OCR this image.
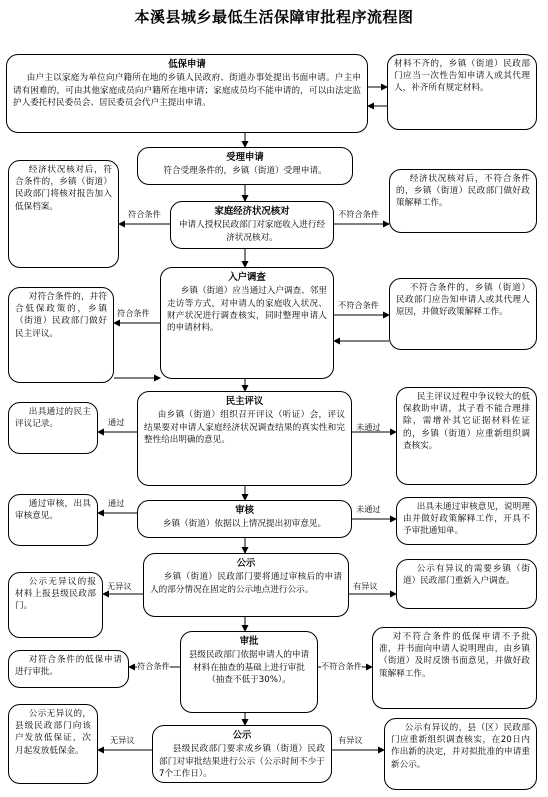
本溪县城乡最低生活保障审批程序流程图
低保申请
由户主以家庭为单位向户籍所在地的乡镇人民政府、街道办事处提出书面申请。户主申请有困难的，可由其他家庭成员向户籍所在地申请；家庭成员均不能申请的，可以由法定监护人委托村民委员会、居民委员会代户主提出申请。
受理申请
符合受理条件的，乡镇（街道）受理申请。
家庭经济状况核对
申请人授权民政部门对家庭收入进行经济状况核对。
入户调查
乡镇（街道）应当通过入户调查、邻里走访等方式，对申请人的家庭收入状况、财产状况进行调查核实，同时整理申请人的申请材料。
民主评议
由乡镇（街道）组织召开评议（听证）会，评议结果要对申请人家庭经济状况调查结果的真实性和完整性给出明确的意见。
审核
乡镇（街道）依据以上情况提出初审意见。
公示
乡镇（街道）民政部门要将通过审核后的申请人的部分情况在固定的公示地点进行公示。
审批
县级民政部门依据申请人的申请材料在抽查的基础上进行审批（抽查不低于30%）。
公示
县级民政部门要求成乡镇（街道）民政部门对审批结果进行公示（公示时间不少于7个工作日）。
材料不齐的，乡镇（街道）民政部门应当一次性告知申请人或其代理人，补齐所有规定材料。
经济状况核对后，不符合条件的，乡镇（街道）民政部门做好政策解释工作。
不符合条件的，乡镇（街道）民政部门应告知申请人或其代理人原因，并做好政策解释工作。
民主评议过程中争议较大的低保救助申请，其子看不能合理排除，需增补其它证据材料佐证的，乡镇（街道）应重新组织调查核实。
出具未通过审核意见，说明理由并做好政策解释工作，开具不予审批通知单。
公示有异议的需要乡镇（街道）民政部门重新入户调查。
对不符合条件的低保申请不予批准，并书面向申请人说明理由，由乡镇（街道）及时反馈书面意见，并做好政策解释工作。
公示有异议的，县（区）民政部门应重新组织调查核实，在20日内作出新的决定，并对拟批准的申请重新公示。
经济状况核对后，符合条件的，乡镇（街道）民政部门将核对报告加入低保档案。
对符合条件的，并符合低保政策的，乡镇（街道）民政部门做好民主评议。
出具通过的民主评议记录。
通过审核，出具审核意见。
公示无异议的报材料上报县级民政部门。
对符合条件的低保申请进行审批。
公示无异议的，县级民政部门向该户发放低保证，次月起发放低保金。
符合条件	不符合条件
符合条件
不符合条件
通过	未通过
通过
未通过
无异议	有异议
符合条件	不符合条件
无异议	有异议
